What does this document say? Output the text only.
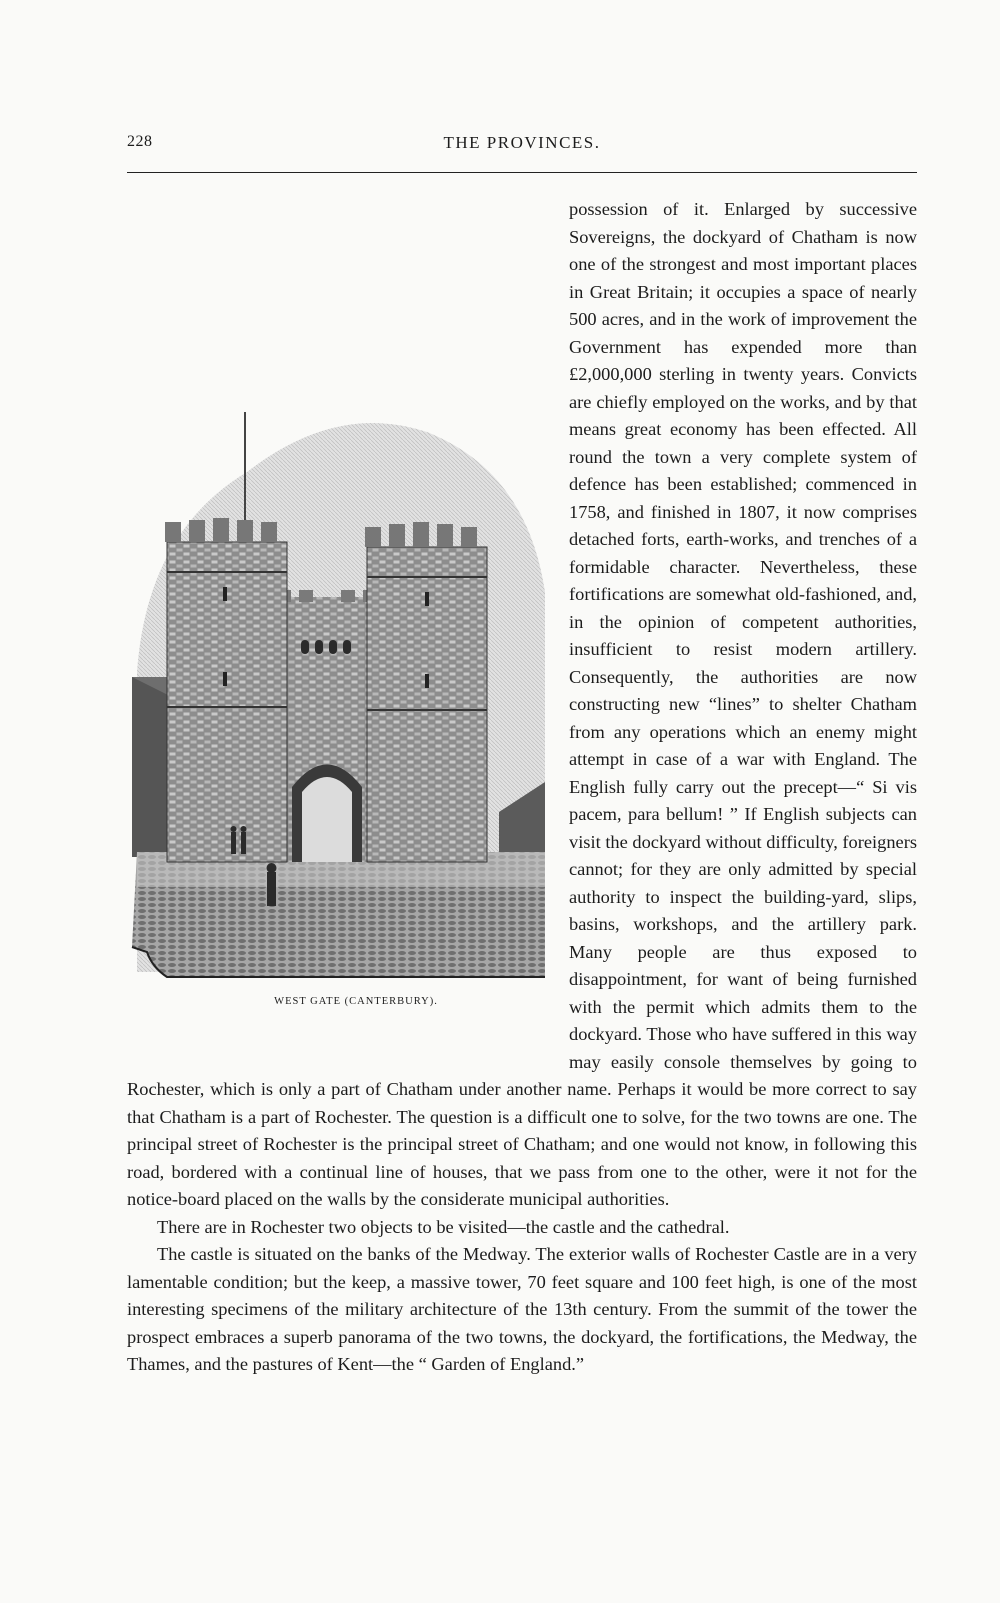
228	THE PROVINCES.
WEST GATE (CANTERBURY).

possession of it. Enlarged by successive Sovereigns, the dockyard of Chatham is now one of the strongest and most important places in Great Britain; it occupies a space of nearly 500 acres, and in the work of improvement the Government has expended more than £2,000,000 sterling in twenty years. Convicts are chiefly employed on the works, and by that means great economy has been effected. All round the town a very complete system of defence has been established; commenced in 1758, and finished in 1807, it now comprises detached forts, earth-works, and trenches of a formidable character. Nevertheless, these fortifications are somewhat old-fashioned, and, in the opinion of competent authorities, insufficient to resist modern artillery. Consequently, the authorities are now constructing new “lines” to shelter Chatham from any operations which an enemy might attempt in case of a war with England. The English fully carry out the precept—“ Si vis pacem, para bellum! ” If English subjects can visit the dockyard without difficulty, foreigners cannot; for they are only admitted by special authority to inspect the building-yard, slips, basins, workshops, and the artillery park. Many people are thus exposed to disappointment, for want of being furnished with the permit which admits them to the dockyard. Those who have suffered in this way may easily console themselves by going to Rochester, which is only a part of Chatham under another name. Perhaps it would be more correct to say that Chatham is a part of Rochester. The question is a difficult one to solve, for the two towns are one. The principal street of Rochester is the principal street of Chatham; and one would not know, in following this road, bordered with a continual line of houses, that we pass from one to the other, were it not for the notice-board placed on the walls by the considerate municipal authorities.

There are in Rochester two objects to be visited—the castle and the cathedral.

The castle is situated on the banks of the Medway. The exterior walls of Rochester Castle are in a very lamentable condition; but the keep, a massive tower, 70 feet square and 100 feet high, is one of the most interesting specimens of the military architecture of the 13th century. From the summit of the tower the prospect embraces a superb panorama of the two towns, the dockyard, the fortifications, the Medway, the Thames, and the pastures of Kent—the “ Garden of England.”
